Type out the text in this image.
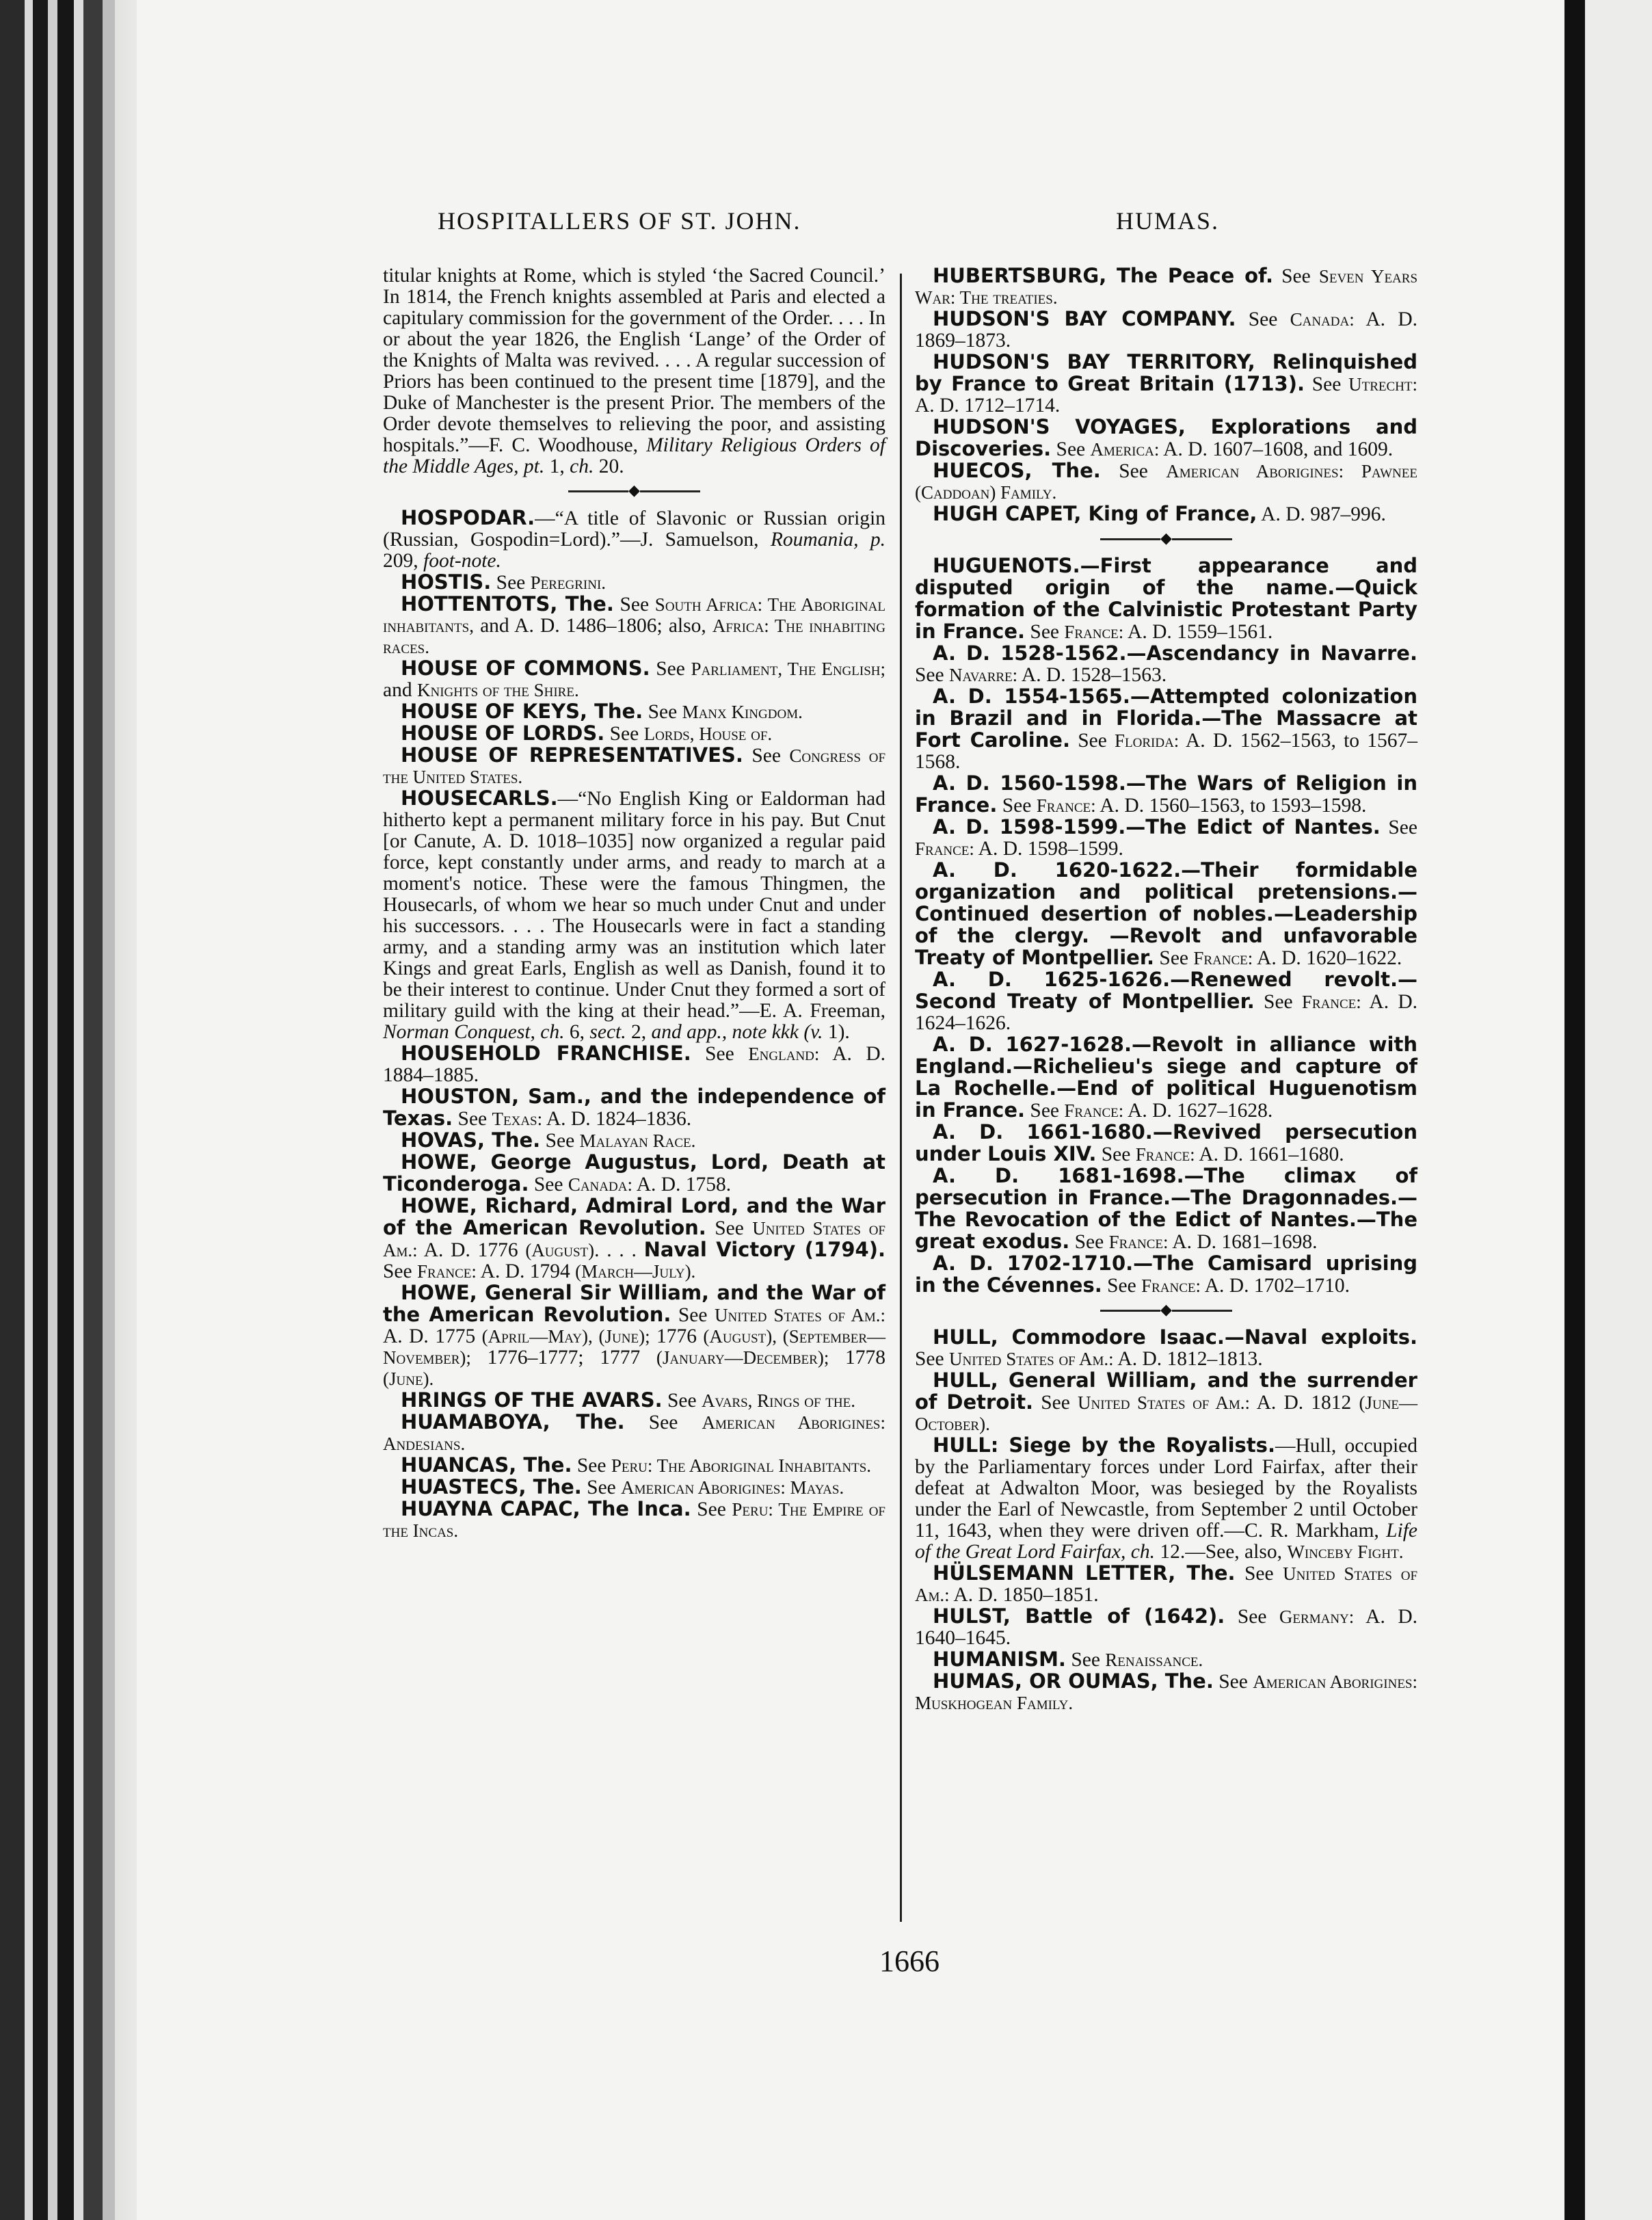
HOSPITALLERS OF ST. JOHN.	HUMAS.

titular knights at Rome, which is styled ‘the Sacred Council.’ In 1814, the French knights assembled at Paris and elected a capitulary commission for the government of the Order. . . . In or about the year 1826, the English ‘Lange’ of the Order of the Knights of Malta was revived. . . . A regular succession of Priors has been continued to the present time [1879], and the Duke of Manchester is the present Prior. The members of the Order devote themselves to relieving the poor, and assisting hospitals.”—F. C. Woodhouse, Military Religious Orders of the Middle Ages, pt. 1, ch. 20.

◆

HOSPODAR.—“A title of Slavonic or Russian origin (Russian, Gospodin=Lord).”—J. Samuelson, Roumania, p. 209, foot-note.

HOSTIS. See Peregrini.

HOTTENTOTS, The. See South Africa: The Aboriginal inhabitants, and A. D. 1486–1806; also, Africa: The inhabiting races.

HOUSE OF COMMONS. See Parliament, The English; and Knights of the Shire.

HOUSE OF KEYS, The. See Manx Kingdom.

HOUSE OF LORDS. See Lords, House of.

HOUSE OF REPRESENTATIVES. See Congress of the United States.

HOUSECARLS.—“No English King or Ealdorman had hitherto kept a permanent military force in his pay. But Cnut [or Canute, A. D. 1018–1035] now organized a regular paid force, kept constantly under arms, and ready to march at a moment's notice. These were the famous Thingmen, the Housecarls, of whom we hear so much under Cnut and under his successors. . . . The Housecarls were in fact a standing army, and a standing army was an institution which later Kings and great Earls, English as well as Danish, found it to be their interest to continue. Under Cnut they formed a sort of military guild with the king at their head.”—E. A. Freeman, Norman Conquest, ch. 6, sect. 2, and app., note kkk (v. 1).

HOUSEHOLD FRANCHISE. See England: A. D. 1884–1885.

HOUSTON, Sam., and the independence of Texas. See Texas: A. D. 1824–1836.

HOVAS, The. See Malayan Race.

HOWE, George Augustus, Lord, Death at Ticonderoga. See Canada: A. D. 1758.

HOWE, Richard, Admiral Lord, and the War of the American Revolution. See United States of Am.: A. D. 1776 (August). . . . Naval Victory (1794). See France: A. D. 1794 (March—July).

HOWE, General Sir William, and the War of the American Revolution. See United States of Am.: A. D. 1775 (April—May), (June); 1776 (August), (September—November); 1776–1777; 1777 (January—December); 1778 (June).

HRINGS OF THE AVARS. See Avars, Rings of the.

HUAMABOYA, The. See American Aborigines: Andesians.

HUANCAS, The. See Peru: The Aboriginal Inhabitants.

HUASTECS, The. See American Aborigines: Mayas.

HUAYNA CAPAC, The Inca. See Peru: The Empire of the Incas.

HUBERTSBURG, The Peace of. See Seven Years War: The treaties.

HUDSON'S BAY COMPANY. See Canada: A. D. 1869–1873.

HUDSON'S BAY TERRITORY, Relinquished by France to Great Britain (1713). See Utrecht: A. D. 1712–1714.

HUDSON'S VOYAGES, Explorations and Discoveries. See America: A. D. 1607–1608, and 1609.

HUECOS, The. See American Aborigines: Pawnee (Caddoan) Family.

HUGH CAPET, King of France, A. D. 987–996.

◆

HUGUENOTS.—First appearance and disputed origin of the name.—Quick formation of the Calvinistic Protestant Party in France. See France: A. D. 1559–1561.

A. D. 1528-1562.—Ascendancy in Navarre. See Navarre: A. D. 1528–1563.

A. D. 1554-1565.—Attempted colonization in Brazil and in Florida.—The Massacre at Fort Caroline. See Florida: A. D. 1562–1563, to 1567–1568.

A. D. 1560-1598.—The Wars of Religion in France. See France: A. D. 1560–1563, to 1593–1598.

A. D. 1598-1599.—The Edict of Nantes. See France: A. D. 1598–1599.

A. D. 1620-1622.—Their formidable organization and political pretensions.—Continued desertion of nobles.—Leadership of the clergy. —Revolt and unfavorable Treaty of Montpellier. See France: A. D. 1620–1622.

A. D. 1625-1626.—Renewed revolt.—Second Treaty of Montpellier. See France: A. D. 1624–1626.

A. D. 1627-1628.—Revolt in alliance with England.—Richelieu's siege and capture of La Rochelle.—End of political Huguenotism in France. See France: A. D. 1627–1628.

A. D. 1661-1680.—Revived persecution under Louis XIV. See France: A. D. 1661–1680.

A. D. 1681-1698.—The climax of persecution in France.—The Dragonnades.—The Revocation of the Edict of Nantes.—The great exodus. See France: A. D. 1681–1698.

A. D. 1702-1710.—The Camisard uprising in the Cévennes. See France: A. D. 1702–1710.

◆

HULL, Commodore Isaac.—Naval exploits. See United States of Am.: A. D. 1812–1813.

HULL, General William, and the surrender of Detroit. See United States of Am.: A. D. 1812 (June—October).

HULL: Siege by the Royalists.—Hull, occupied by the Parliamentary forces under Lord Fairfax, after their defeat at Adwalton Moor, was besieged by the Royalists under the Earl of Newcastle, from September 2 until October 11, 1643, when they were driven off.—C. R. Markham, Life of the Great Lord Fairfax, ch. 12.—See, also, Winceby Fight.

HÜLSEMANN LETTER, The. See United States of Am.: A. D. 1850–1851.

HULST, Battle of (1642). See Germany: A. D. 1640–1645.

HUMANISM. See Renaissance.

HUMAS, OR OUMAS, The. See American Aborigines: Muskhogean Family.

1666
